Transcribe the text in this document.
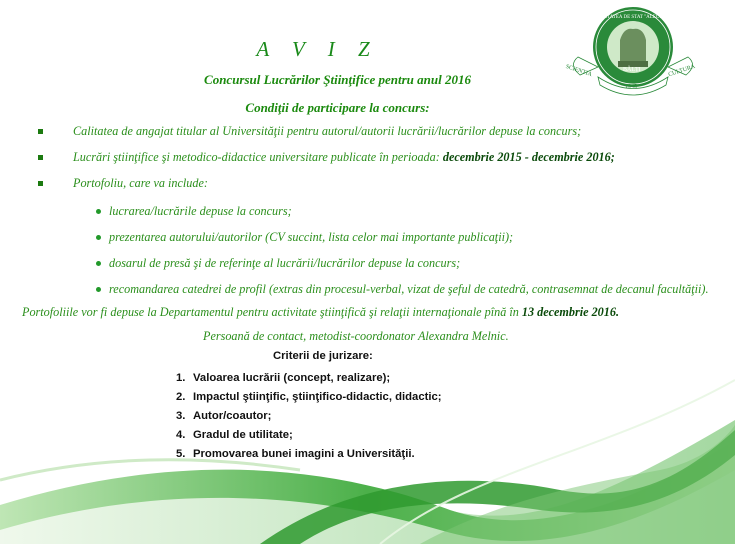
SCIENTIA	CULTURA
BĂLŢI
1945
UNIVERSITATEA DE STAT "ALECU RUSSO"
A V I Z
Concursul Lucrărilor Ştiinţifice pentru anul 2016
Condiţii de participare la concurs:
Calitatea de angajat titular al Universităţii pentru autorul/autorii lucrării/lucrărilor depuse la concurs;
Lucrări ştiinţifice şi metodico-didactice universitare publicate în perioada: decembrie 2015 - decembrie 2016;
Portofoliu, care va include:
lucrarea/lucrările depuse la concurs;
prezentarea autorului/autorilor (CV succint, lista celor mai importante publicaţii);
dosarul de presă şi de referinţe al lucrării/lucrărilor depuse la concurs;
recomandarea catedrei de profil (extras din procesul-verbal, vizat de şeful de catedră, contrasemnat de decanul facultăţii).
Portofoliile vor fi depuse la Departamentul pentru activitate ştiinţifică şi relaţii internaţionale pînă în 13 decembrie 2016.
Persoană de contact, metodist-coordonator Alexandra Melnic.
Criterii de jurizare:
1. Valoarea lucrării (concept, realizare);
2. Impactul ştiinţific, ştiinţifico-didactic, didactic;
3. Autor/coautor;
4. Gradul de utilitate;
5. Promovarea bunei imagini a Universităţii.
